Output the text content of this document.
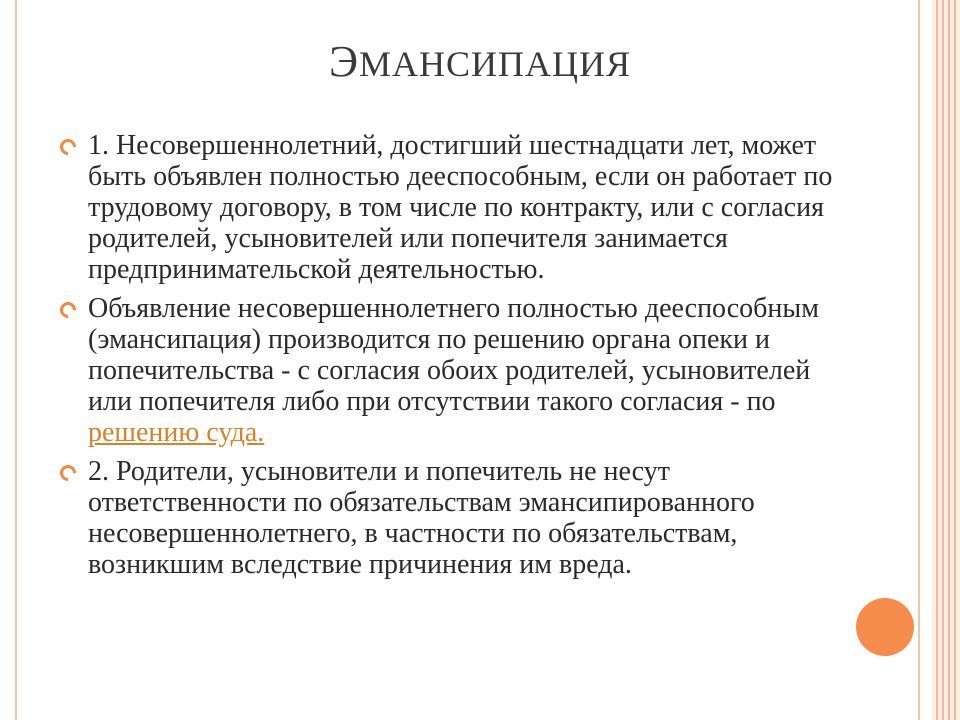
ЭМАНСИПАЦИЯ
1. Несовершеннолетний, достигший шестнадцати лет, может быть объявлен полностью дееспособным, если он работает по трудовому договору, в том числе по контракту, или с согласия родителей, усыновителей или попечителя занимается предпринимательской деятельностью.
Объявление несовершеннолетнего полностью дееспособным (эмансипация) производится по решению органа опеки и попечительства - с согласия обоих родителей, усыновителей или попечителя либо при отсутствии такого согласия - по решению суда.
2. Родители, усыновители и попечитель не несут ответственности по обязательствам эмансипированного несовершеннолетнего, в частности по обязательствам, возникшим вследствие причинения им вреда.
